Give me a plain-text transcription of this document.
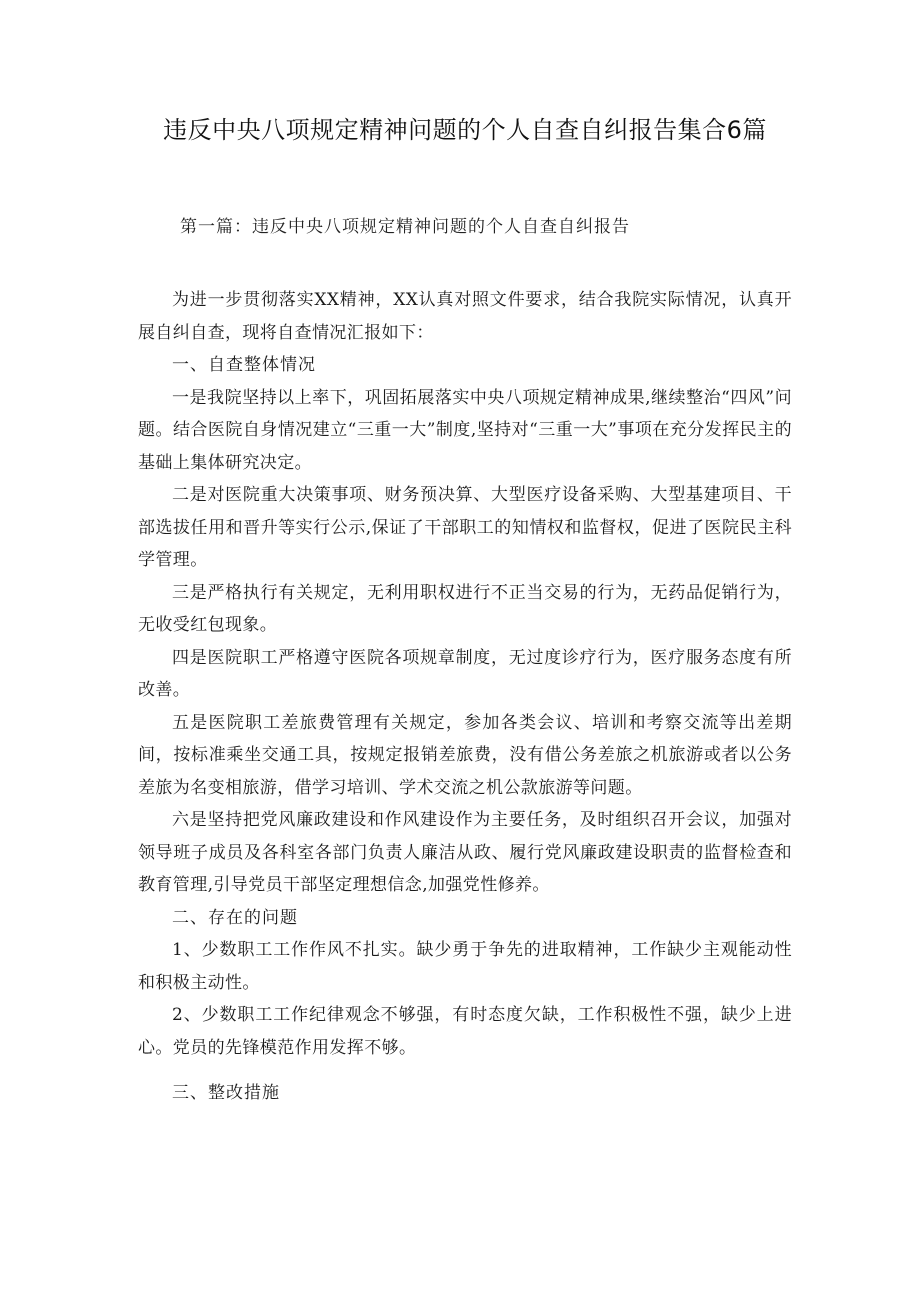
违反中央八项规定精神问题的个人自查自纠报告集合6篇
第一篇：违反中央八项规定精神问题的个人自查自纠报告

为进一步贯彻落实XX精神，XX认真对照文件要求，结合我院实际情况，认真开展自纠自查，现将自查情况汇报如下：

一、自查整体情况

一是我院坚持以上率下，巩固拓展落实中央八项规定精神成果,继续整治“四风”问题。结合医院自身情况建立“三重一大”制度,坚持对“三重一大”事项在充分发挥民主的基础上集体研究决定。

二是对医院重大决策事项、财务预决算、大型医疗设备采购、大型基建项目、干部选拔任用和晋升等实行公示,保证了干部职工的知情权和监督权，促进了医院民主科学管理。

三是严格执行有关规定，无利用职权进行不正当交易的行为，无药品促销行为，无收受红包现象。

四是医院职工严格遵守医院各项规章制度，无过度诊疗行为，医疗服务态度有所改善。

五是医院职工差旅费管理有关规定，参加各类会议、培训和考察交流等出差期间，按标准乘坐交通工具，按规定报销差旅费，没有借公务差旅之机旅游或者以公务差旅为名变相旅游，借学习培训、学术交流之机公款旅游等问题。

六是坚持把党风廉政建设和作风建设作为主要任务，及时组织召开会议，加强对领导班子成员及各科室各部门负责人廉洁从政、履行党风廉政建设职责的监督检查和教育管理,引导党员干部坚定理想信念,加强党性修养。

二、存在的问题

1、少数职工工作作风不扎实。缺少勇于争先的进取精神，工作缺少主观能动性和积极主动性。

2、少数职工工作纪律观念不够强，有时态度欠缺，工作积极性不强，缺少上进心。党员的先锋模范作用发挥不够。

三、整改措施
